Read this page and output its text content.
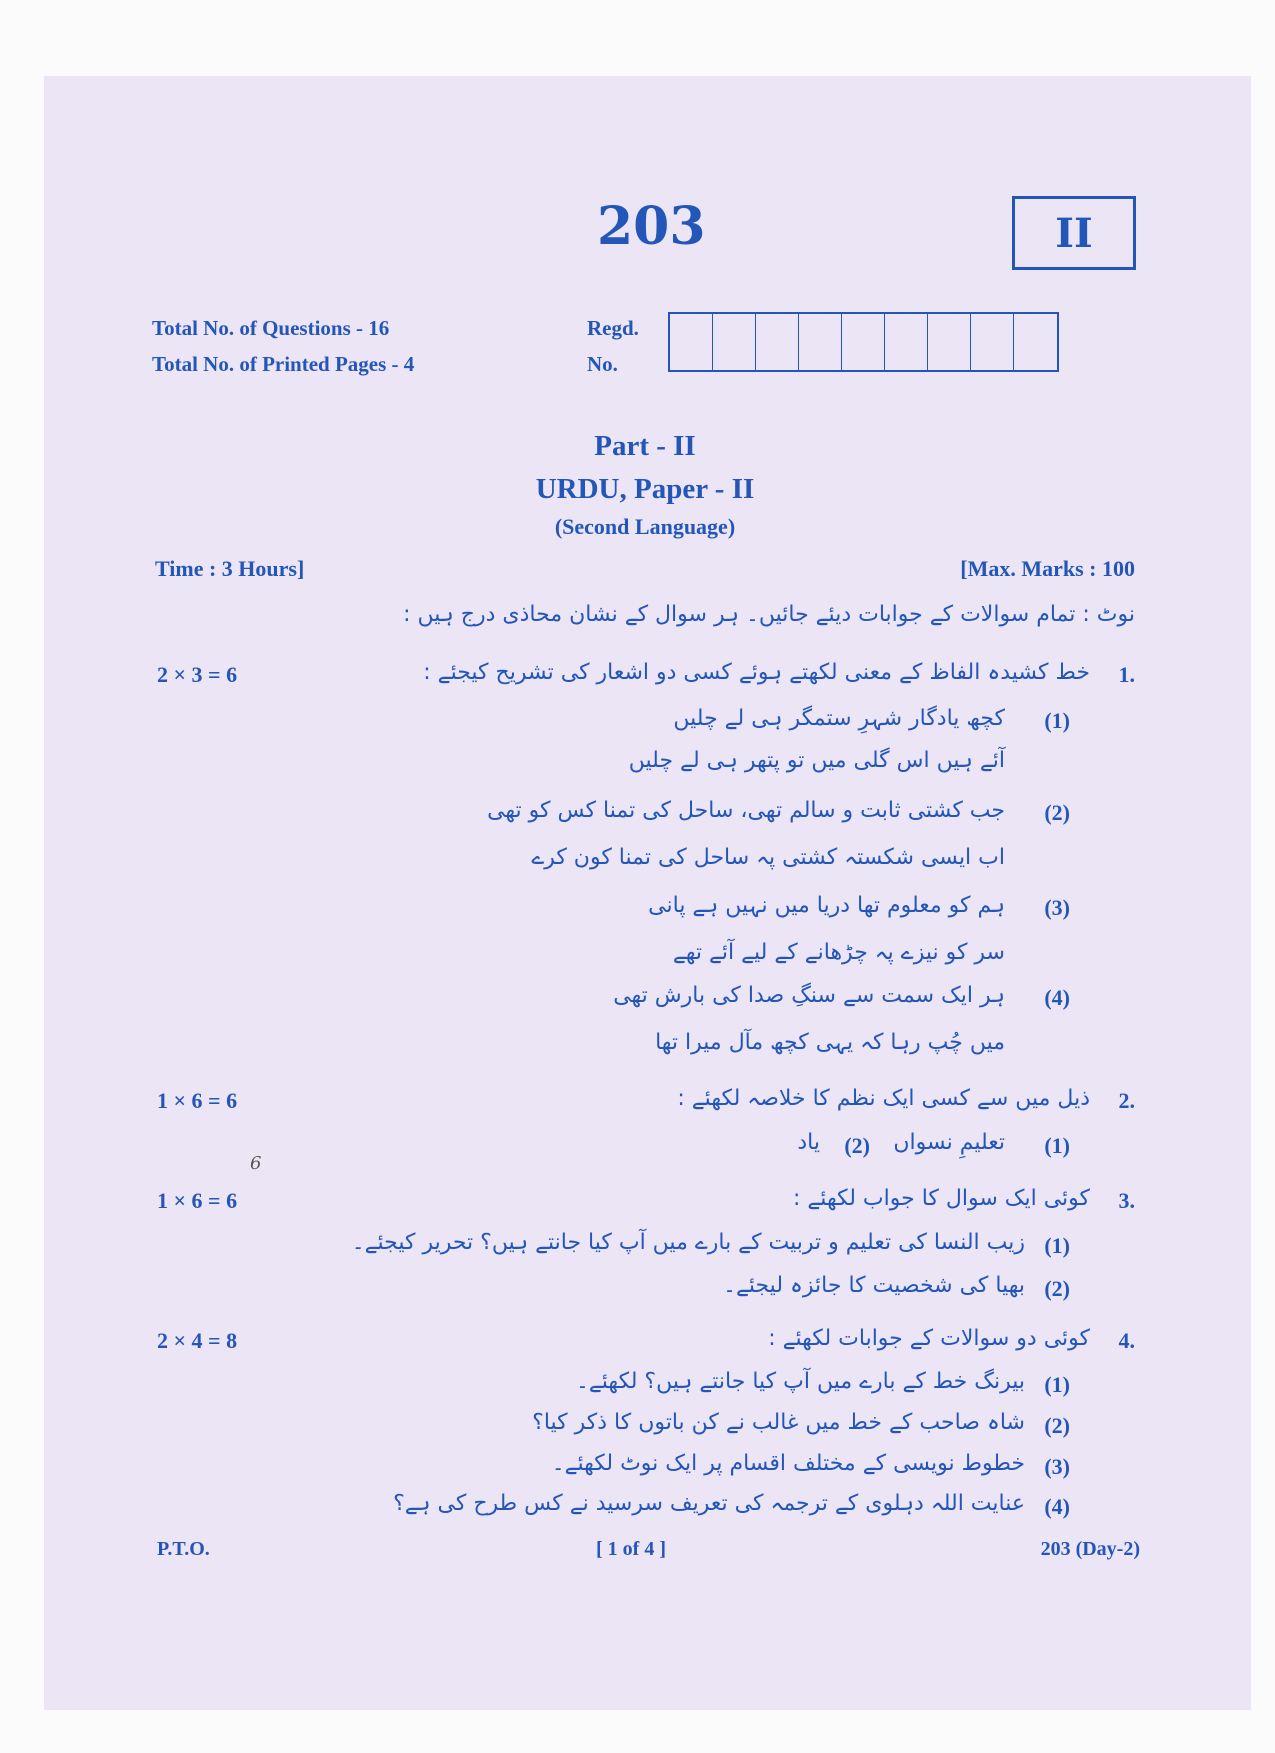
203	II
Total No. of Questions - 16
Total No. of Printed Pages - 4
Regd.
No.
Part - II
URDU, Paper - II
(Second Language)
Time : 3 Hours]	[Max. Marks : 100
نوٹ : تمام سوالات کے جوابات دیئے جائیں۔ ہر سوال کے نشان محاذی درج ہیں :
2 × 3 = 6	1.
خط کشیدہ الفاظ کے معنی لکھتے ہوئے کسی دو اشعار کی تشریح کیجئے :
(1)
کچھ یادگار شہرِ ستمگر ہی لے چلیں
آئے ہیں اس گلی میں تو پتھر ہی لے چلیں
(2)
جب کشتی ثابت و سالم تھی، ساحل کی تمنا کس کو تھی
اب ایسی شکستہ کشتی پہ ساحل کی تمنا کون کرے
(3)
ہم کو معلوم تھا دریا میں نہیں ہے پانی
سر کو نیزے پہ چڑھانے کے لیے آئے تھے
(4)
ہر ایک سمت سے سنگِ صدا کی بارش تھی
میں چُپ رہا کہ یہی کچھ مآل میرا تھا
1 × 6 = 6	2.
ذیل میں سے کسی ایک نظم کا خلاصہ لکھئے :
(1)
تعلیمِ نسواں
(2)
یاد
6
1 × 6 = 6	3.
کوئی ایک سوال کا جواب لکھئے :
(1)
زیب النسا کی تعلیم و تربیت کے بارے میں آپ کیا جانتے ہیں؟ تحریر کیجئے۔
(2)
بھیا کی شخصیت کا جائزہ لیجئے۔
2 × 4 = 8	4.
کوئی دو سوالات کے جوابات لکھئے :
(1)
بیرنگ خط کے بارے میں آپ کیا جانتے ہیں؟ لکھئے۔
(2)
شاہ صاحب کے خط میں غالب نے کن باتوں کا ذکر کیا؟
(3)
خطوط نویسی کے مختلف اقسام پر ایک نوٹ لکھئے۔
(4)
عنایت اللہ دہلوی کے ترجمہ کی تعریف سرسید نے کس طرح کی ہے؟
P.T.O.	[ 1 of 4 ]	203 (Day-2)
